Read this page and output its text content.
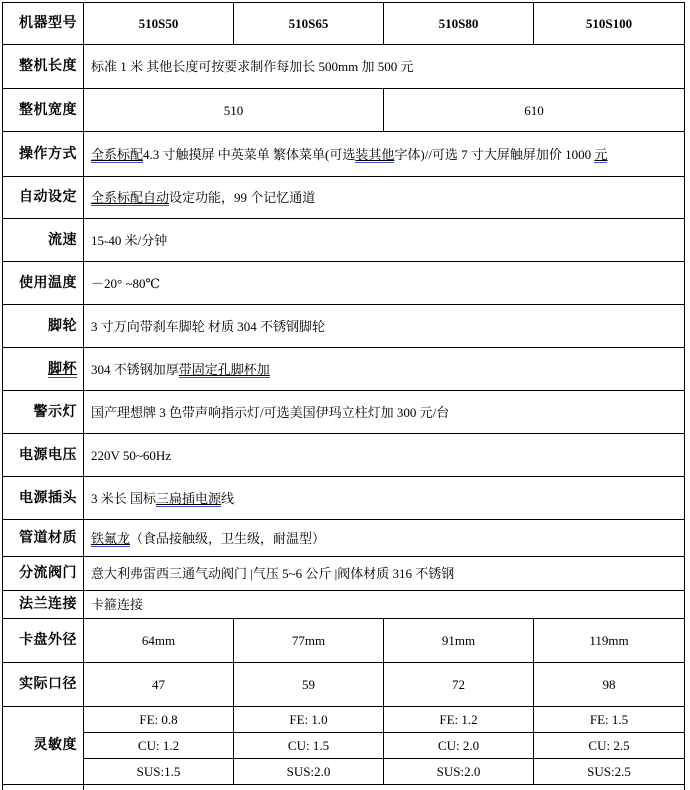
机器型号	510S50	510S65	510S80	510S100
整机长度	标准 1 米 其他长度可按要求制作每加长 500mm 加 500 元			
整机宽度	510		610	
操作方式	全系标配4.3 寸触摸屏 中英菜单 繁体菜单(可选装其他字体)//可选 7 寸大屏触屏加价 1000 元			
自动设定	全系标配自动设定功能，99 个记忆通道			
流速	15-40 米/分钟			
使用温度	－20° ~80℃			
脚轮	3 寸万向带刹车脚轮 材质 304 不锈钢脚轮			
脚杯	304 不锈钢加厚带固定孔脚杯加			
警示灯	国产理想牌 3 色带声响指示灯/可选美国伊玛立柱灯加 300 元/台			
电源电压	220V 50~60Hz			
电源插头	3 米长 国标三扁插电源线			
管道材质	铁氟龙（食品接触级，卫生级，耐温型）			
分流阀门	意大利弗雷西三通气动阀门 |气压 5~6 公斤 |阀体材质 316 不锈钢			
法兰连接	卡箍连接			
卡盘外径	64mm	77mm	91mm	119mm
实际口径	47	59	72	98
灵敏度	FE: 0.8	FE: 1.0	FE: 1.2	FE: 1.5
	CU: 1.2	CU: 1.5	CU: 2.0	CU: 2.5
	SUS:1.5	SUS:2.0	SUS:2.0	SUS:2.5
